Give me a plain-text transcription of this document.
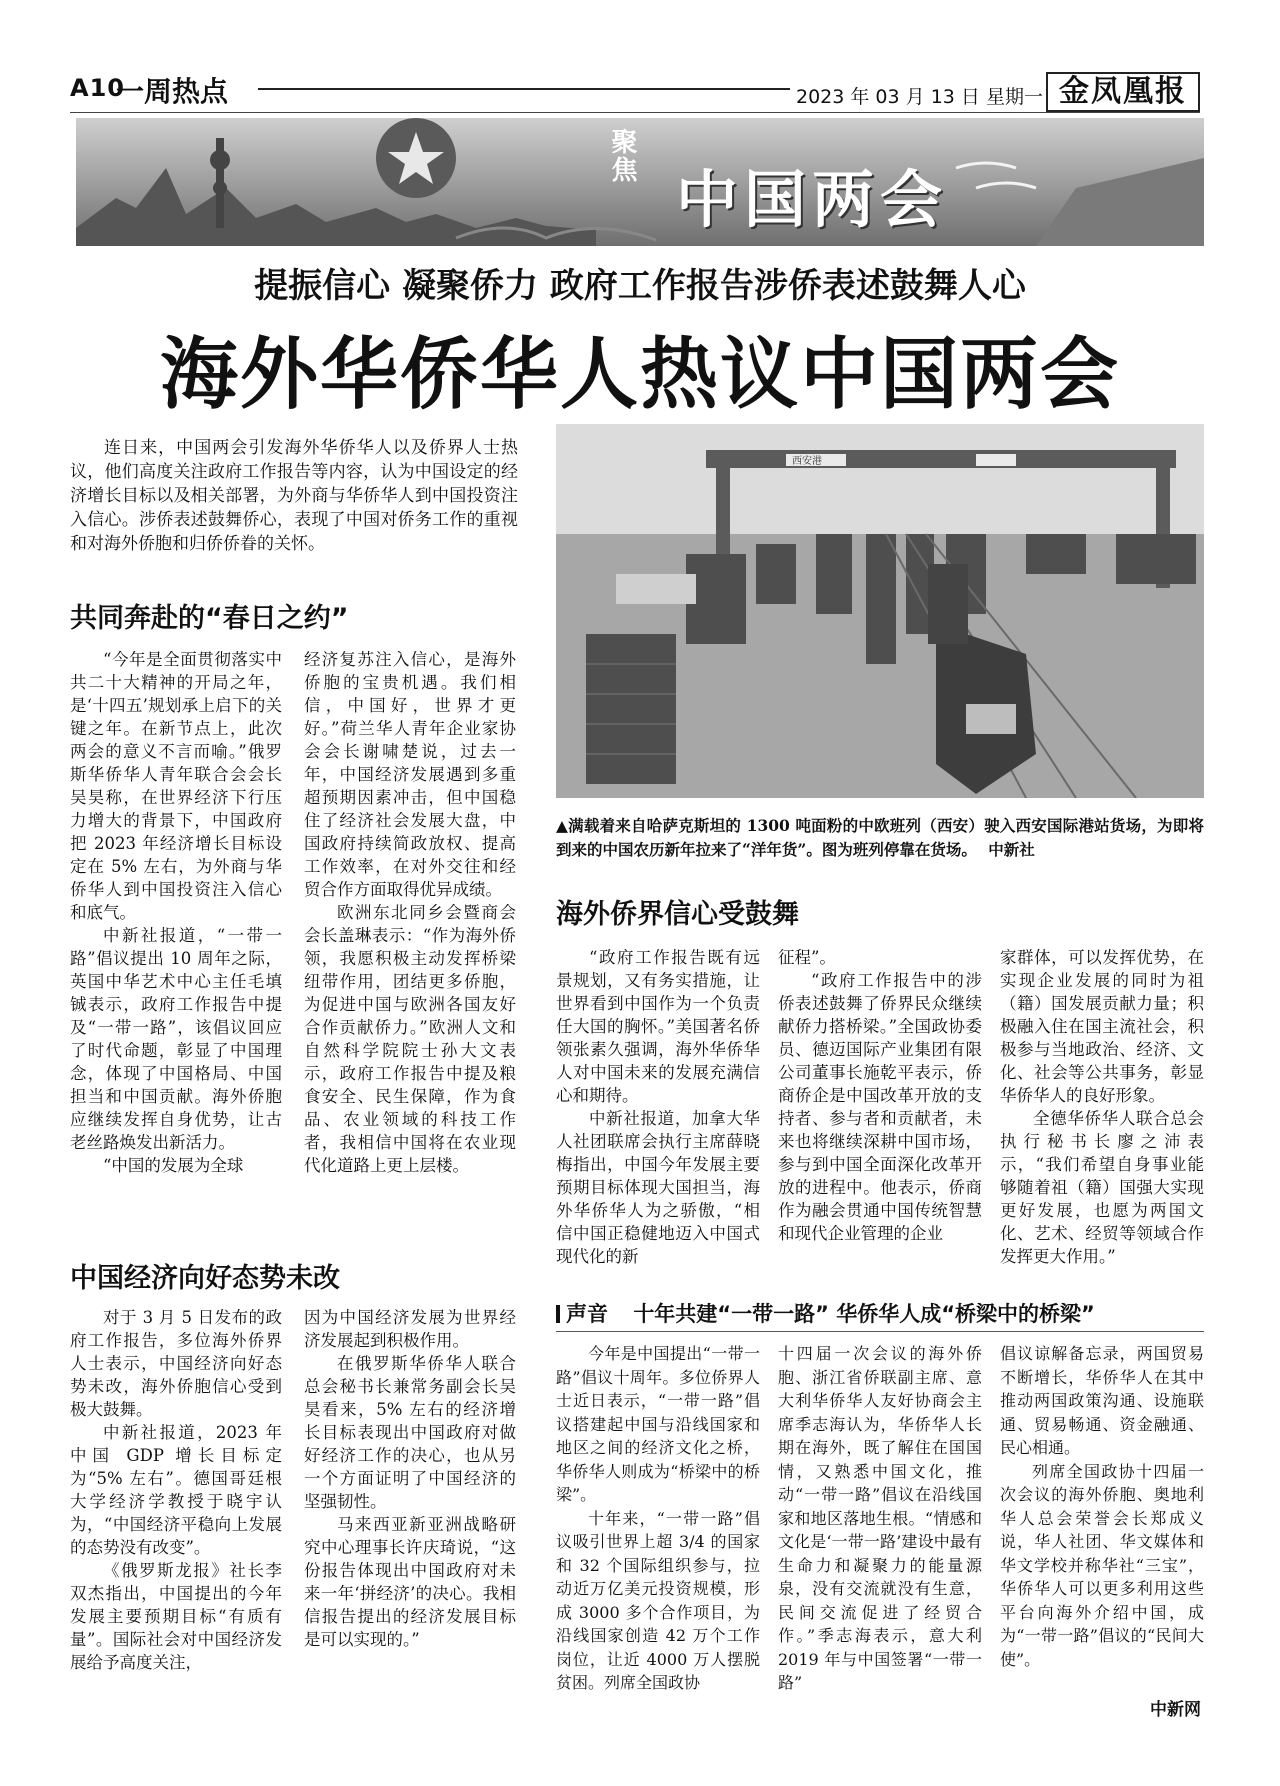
A10
一周热点	2023 年 03 月 13 日 星期一 金凤凰报
聚焦
中国两会
提振信心 凝聚侨力 政府工作报告涉侨表述鼓舞人心
海外华侨华人热议中国两会

连日来，中国两会引发海外华侨华人以及侨界人士热议，他们高度关注政府工作报告等内容，认为中国设定的经济增长目标以及相关部署，为外商与华侨华人到中国投资注入信心。涉侨表述鼓舞侨心，表现了中国对侨务工作的重视和对海外侨胞和归侨侨眷的关怀。

共同奔赴的“春日之约”

“今年是全面贯彻落实中共二十大精神的开局之年，是‘十四五’规划承上启下的关键之年。在新节点上，此次两会的意义不言而喻。”俄罗斯华侨华人青年联合会会长吴昊称，在世界经济下行压力增大的背景下，中国政府把 2023 年经济增长目标设定在 5% 左右，为外商与华侨华人到中国投资注入信心和底气。

中新社报道，“一带一路”倡议提出 10 周年之际，英国中华艺术中心主任毛填铖表示，政府工作报告中提及“一带一路”，该倡议回应了时代命题，彰显了中国理念，体现了中国格局、中国担当和中国贡献。海外侨胞应继续发挥自身优势，让古老丝路焕发出新活力。

“中国的发展为全球

经济复苏注入信心，是海外侨胞的宝贵机遇。我们相信，中国好，世界才更好。”荷兰华人青年企业家协会会长谢啸楚说，过去一年，中国经济发展遇到多重超预期因素冲击，但中国稳住了经济社会发展大盘，中国政府持续简政放权、提高工作效率，在对外交往和经贸合作方面取得优异成绩。

欧洲东北同乡会暨商会会长盖琳表示：“作为海外侨领，我愿积极主动发挥桥梁纽带作用，团结更多侨胞，为促进中国与欧洲各国友好合作贡献侨力。”欧洲人文和自然科学院院士孙大文表示，政府工作报告中提及粮食安全、民生保障，作为食品、农业领域的科技工作者，我相信中国将在农业现代化道路上更上层楼。

中国经济向好态势未改

对于 3 月 5 日发布的政府工作报告，多位海外侨界人士表示，中国经济向好态势未改，海外侨胞信心受到极大鼓舞。

中新社报道，2023 年中国 GDP 增长目标定为“5% 左右”。德国哥廷根大学经济学教授于晓宇认为，“中国经济平稳向上发展的态势没有改变”。

《俄罗斯龙报》社长李双杰指出，中国提出的今年发展主要预期目标“有质有量”。国际社会对中国经济发展给予高度关注，

因为中国经济发展为世界经济发展起到积极作用。

在俄罗斯华侨华人联合总会秘书长兼常务副会长吴昊看来，5% 左右的经济增长目标表现出中国政府对做好经济工作的决心，也从另一个方面证明了中国经济的坚强韧性。

马来西亚新亚洲战略研究中心理事长许庆琦说，“这份报告体现出中国政府对未来一年‘拼经济’的决心。我相信报告提出的经济发展目标是可以实现的。”

西安港
▲满载着来自哈萨克斯坦的 1300 吨面粉的中欧班列（西安）驶入西安国际港站货场，为即将到来的中国农历新年拉来了“洋年货”。图为班列停靠在货场。 中新社
海外侨界信心受鼓舞

“政府工作报告既有远景规划，又有务实措施，让世界看到中国作为一个负责任大国的胸怀。”美国著名侨领张素久强调，海外华侨华人对中国未来的发展充满信心和期待。

中新社报道，加拿大华人社团联席会执行主席薛晓梅指出，中国今年发展主要预期目标体现大国担当，海外华侨华人为之骄傲，“相信中国正稳健地迈入中国式现代化的新

征程”。

“政府工作报告中的涉侨表述鼓舞了侨界民众继续献侨力搭桥梁。”全国政协委员、德迈国际产业集团有限公司董事长施乾平表示，侨商侨企是中国改革开放的支持者、参与者和贡献者，未来也将继续深耕中国市场，参与到中国全面深化改革开放的进程中。他表示，侨商作为融会贯通中国传统智慧和现代企业管理的企业

家群体，可以发挥优势，在实现企业发展的同时为祖（籍）国发展贡献力量；积极融入住在国主流社会，积极参与当地政治、经济、文化、社会等公共事务，彰显华侨华人的良好形象。

全德华侨华人联合总会执行秘书长廖之沛表示，“我们希望自身事业能够随着祖（籍）国强大实现更好发展，也愿为两国文化、艺术、经贸等领域合作发挥更大作用。”

声音 十年共建“一带一路” 华侨华人成“桥梁中的桥梁”

今年是中国提出“一带一路”倡议十周年。多位侨界人士近日表示，“一带一路”倡议搭建起中国与沿线国家和地区之间的经济文化之桥，华侨华人则成为“桥梁中的桥梁”。

十年来，“一带一路”倡议吸引世界上超 3/4 的国家和 32 个国际组织参与，拉动近万亿美元投资规模，形成 3000 多个合作项目，为沿线国家创造 42 万个工作岗位，让近 4000 万人摆脱贫困。列席全国政协

十四届一次会议的海外侨胞、浙江省侨联副主席、意大利华侨华人友好协商会主席季志海认为，华侨华人长期在海外，既了解住在国国情，又熟悉中国文化，推动“一带一路”倡议在沿线国家和地区落地生根。“情感和文化是‘一带一路’建设中最有生命力和凝聚力的能量源泉，没有交流就没有生意，民间交流促进了经贸合作。”季志海表示，意大利 2019 年与中国签署“一带一路”

倡议谅解备忘录，两国贸易不断增长，华侨华人在其中推动两国政策沟通、设施联通、贸易畅通、资金融通、民心相通。

列席全国政协十四届一次会议的海外侨胞、奥地利华人总会荣誉会长郑成义说，华人社团、华文媒体和华文学校并称华社“三宝”，华侨华人可以更多利用这些平台向海外介绍中国，成为“一带一路”倡议的“民间大使”。

中新网
